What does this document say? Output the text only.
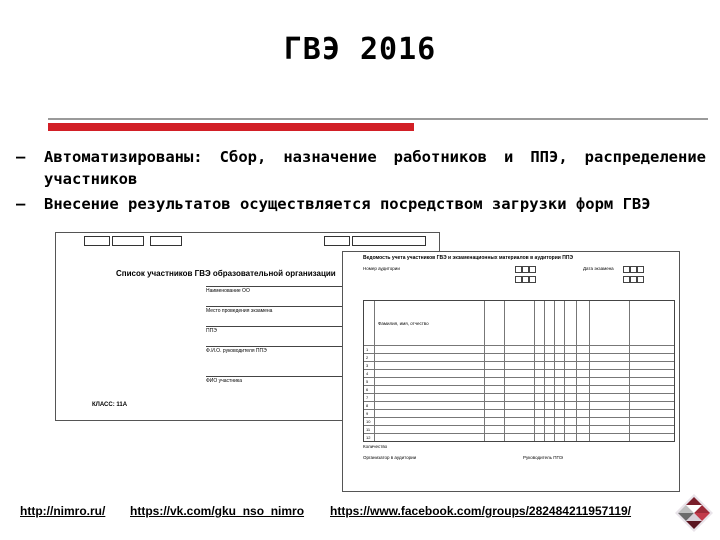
ГВЭ 2016
– Автоматизированы: Сбор, назначение работников и ППЭ, распределение участников
– Внесение результатов осуществляется посредством загрузки форм ГВЭ
Список участников ГВЭ образовательной организации
Наименование ОО
Место проведения экзамена
ППЭ
Ф.И.О. руководителя ППЭ
ФИО участника
КЛАСС: 11А
Ведомость учета участников ГВЭ и экзаменационных материалов в аудитории ППЭ
Номер аудитории	Дата экзамена
1
2
3
4
5
6
7
8
9
10
11
12
Фамилия, имя, отчество
Количество
Организатор в аудитории	Руководитель ППЭ
http://nimro.ru/ https://vk.com/gku_nso_nimro https://www.facebook.com/groups/282484211957119/
